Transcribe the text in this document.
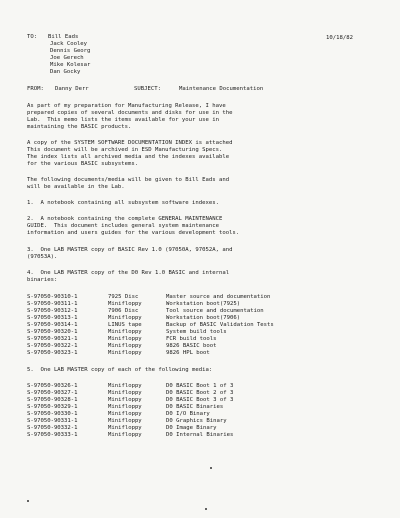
TO: Bill Eads
Jack Cooley
Dennis Georg
Joe Gerech
Mike Kolesar
Dan Gocky
10/18/82
FROM: Danny Derr	SUBJECT:	Maintenance Documentation
As part of my preparation for Manufacturing Release, I have
prepared copies of several documents and disks for use in the
Lab.  This memo lists the items available for your use in
maintaining the BASIC products.
A copy of the SYSTEM SOFTWARE DOCUMENTATION INDEX is attached
This document will be archived in ESD Manufacturing Specs.
The index lists all archived media and the indexes available
for the various BASIC subsystems.
The following documents/media will be given to Bill Eads and
will be available in the Lab.
1.  A notebook containing all subsystem software indexes.
2.  A notebook containing the complete GENERAL MAINTENANCE
GUIDE.  This document includes general system maintenance
information and users guides for the various development tools.
3.  One LAB MASTER copy of BASIC Rev 1.0 (97050A, 97052A, and
(97053A).
4.  One LAB MASTER copy of the D0 Rev 1.0 BASIC and internal
binaries:
S-97050-90310-1	7925 Disc	Master source and documentation
S-97050-90311-1	Minifloppy	Workstation boot(7925)
S-97050-90312-1	7906 Disc	Tool source and documentation
S-97050-90313-1	Minifloppy	Workstation boot(7906)
S-97050-90314-1	LINUS tape	Backup of BASIC Validation Tests
S-97050-90320-1	Minifloppy	System build tools
S-97050-90321-1	Minifloppy	FCR build tools
S-97050-90322-1	Minifloppy	9826 BASIC boot
S-97050-90323-1	Minifloppy	9826 HPL boot
5.  One LAB MASTER copy of each of the following media:
S-97050-90326-1	Minifloppy	D0 BASIC Boot 1 of 3
S-97050-90327-1	Minifloppy	D0 BASIC Boot 2 of 3
S-97050-90328-1	Minifloppy	D0 BASIC Boot 3 of 3
S-97050-90329-1	Minifloppy	D0 BASIC Binaries
S-97050-90330-1	Minifloppy	D0 I/O Binary
S-97050-90331-1	Minifloppy	D0 Graphics Binary
S-97050-90332-1	Minifloppy	D0 Image Binary
S-97050-90333-1	Minifloppy	D0 Internal Binaries
